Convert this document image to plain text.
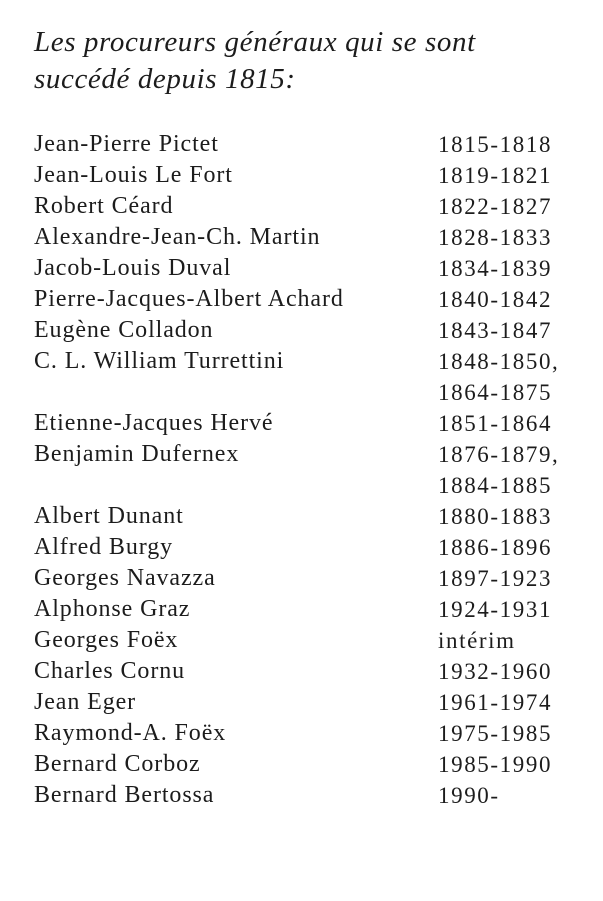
Les procureurs généraux qui se sont
succédé depuis 1815:
Jean-Pierre Pictet	1815-1818
Jean-Louis Le Fort	1819-1821
Robert Céard	1822-1827
Alexandre-Jean-Ch. Martin	1828-1833
Jacob-Louis Duval	1834-1839
Pierre-Jacques-Albert Achard	1840-1842
Eugène Colladon	1843-1847
C. L. William Turrettini	1848-1850,
1864-1875
Etienne-Jacques Hervé	1851-1864
Benjamin Dufernex	1876-1879,
1884-1885
Albert Dunant	1880-1883
Alfred Burgy	1886-1896
Georges Navazza	1897-1923
Alphonse Graz	1924-1931
Georges Foëx	intérim
Charles Cornu	1932-1960
Jean Eger	1961-1974
Raymond-A. Foëx	1975-1985
Bernard Corboz	1985-1990
Bernard Bertossa	1990-
